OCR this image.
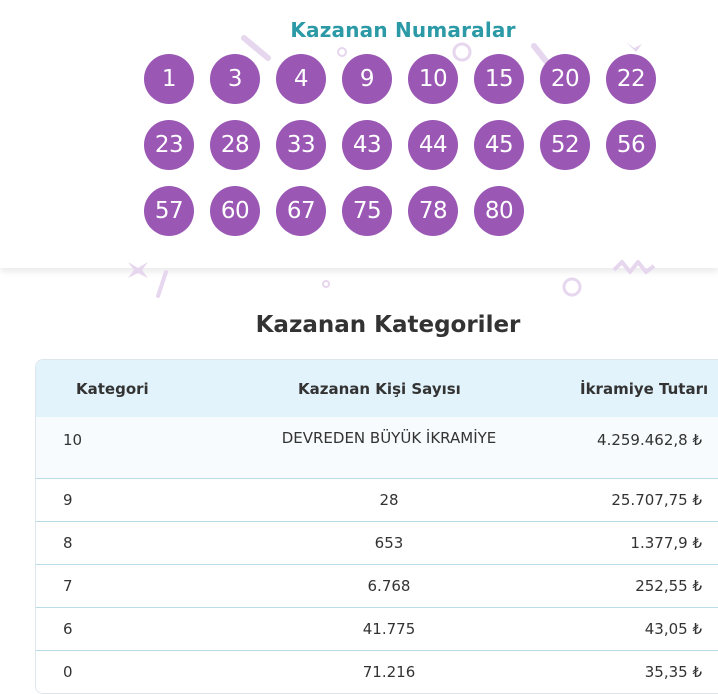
Kazanan Numaralar
1	3	4	9	10	15	20	22
23	28	33	43	44	45	52	56
57	60	67	75	78	80
Kazanan Kategoriler
Kategori	Kazanan Kişi Sayısı	İkramiye Tutarı
10	DEVREDEN BÜYÜK İKRAMİYE	4.259.462,8 ₺
9	28	25.707,75 ₺
8	653	1.377,9 ₺
7	6.768	252,55 ₺
6	41.775	43,05 ₺
0	71.216	35,35 ₺
